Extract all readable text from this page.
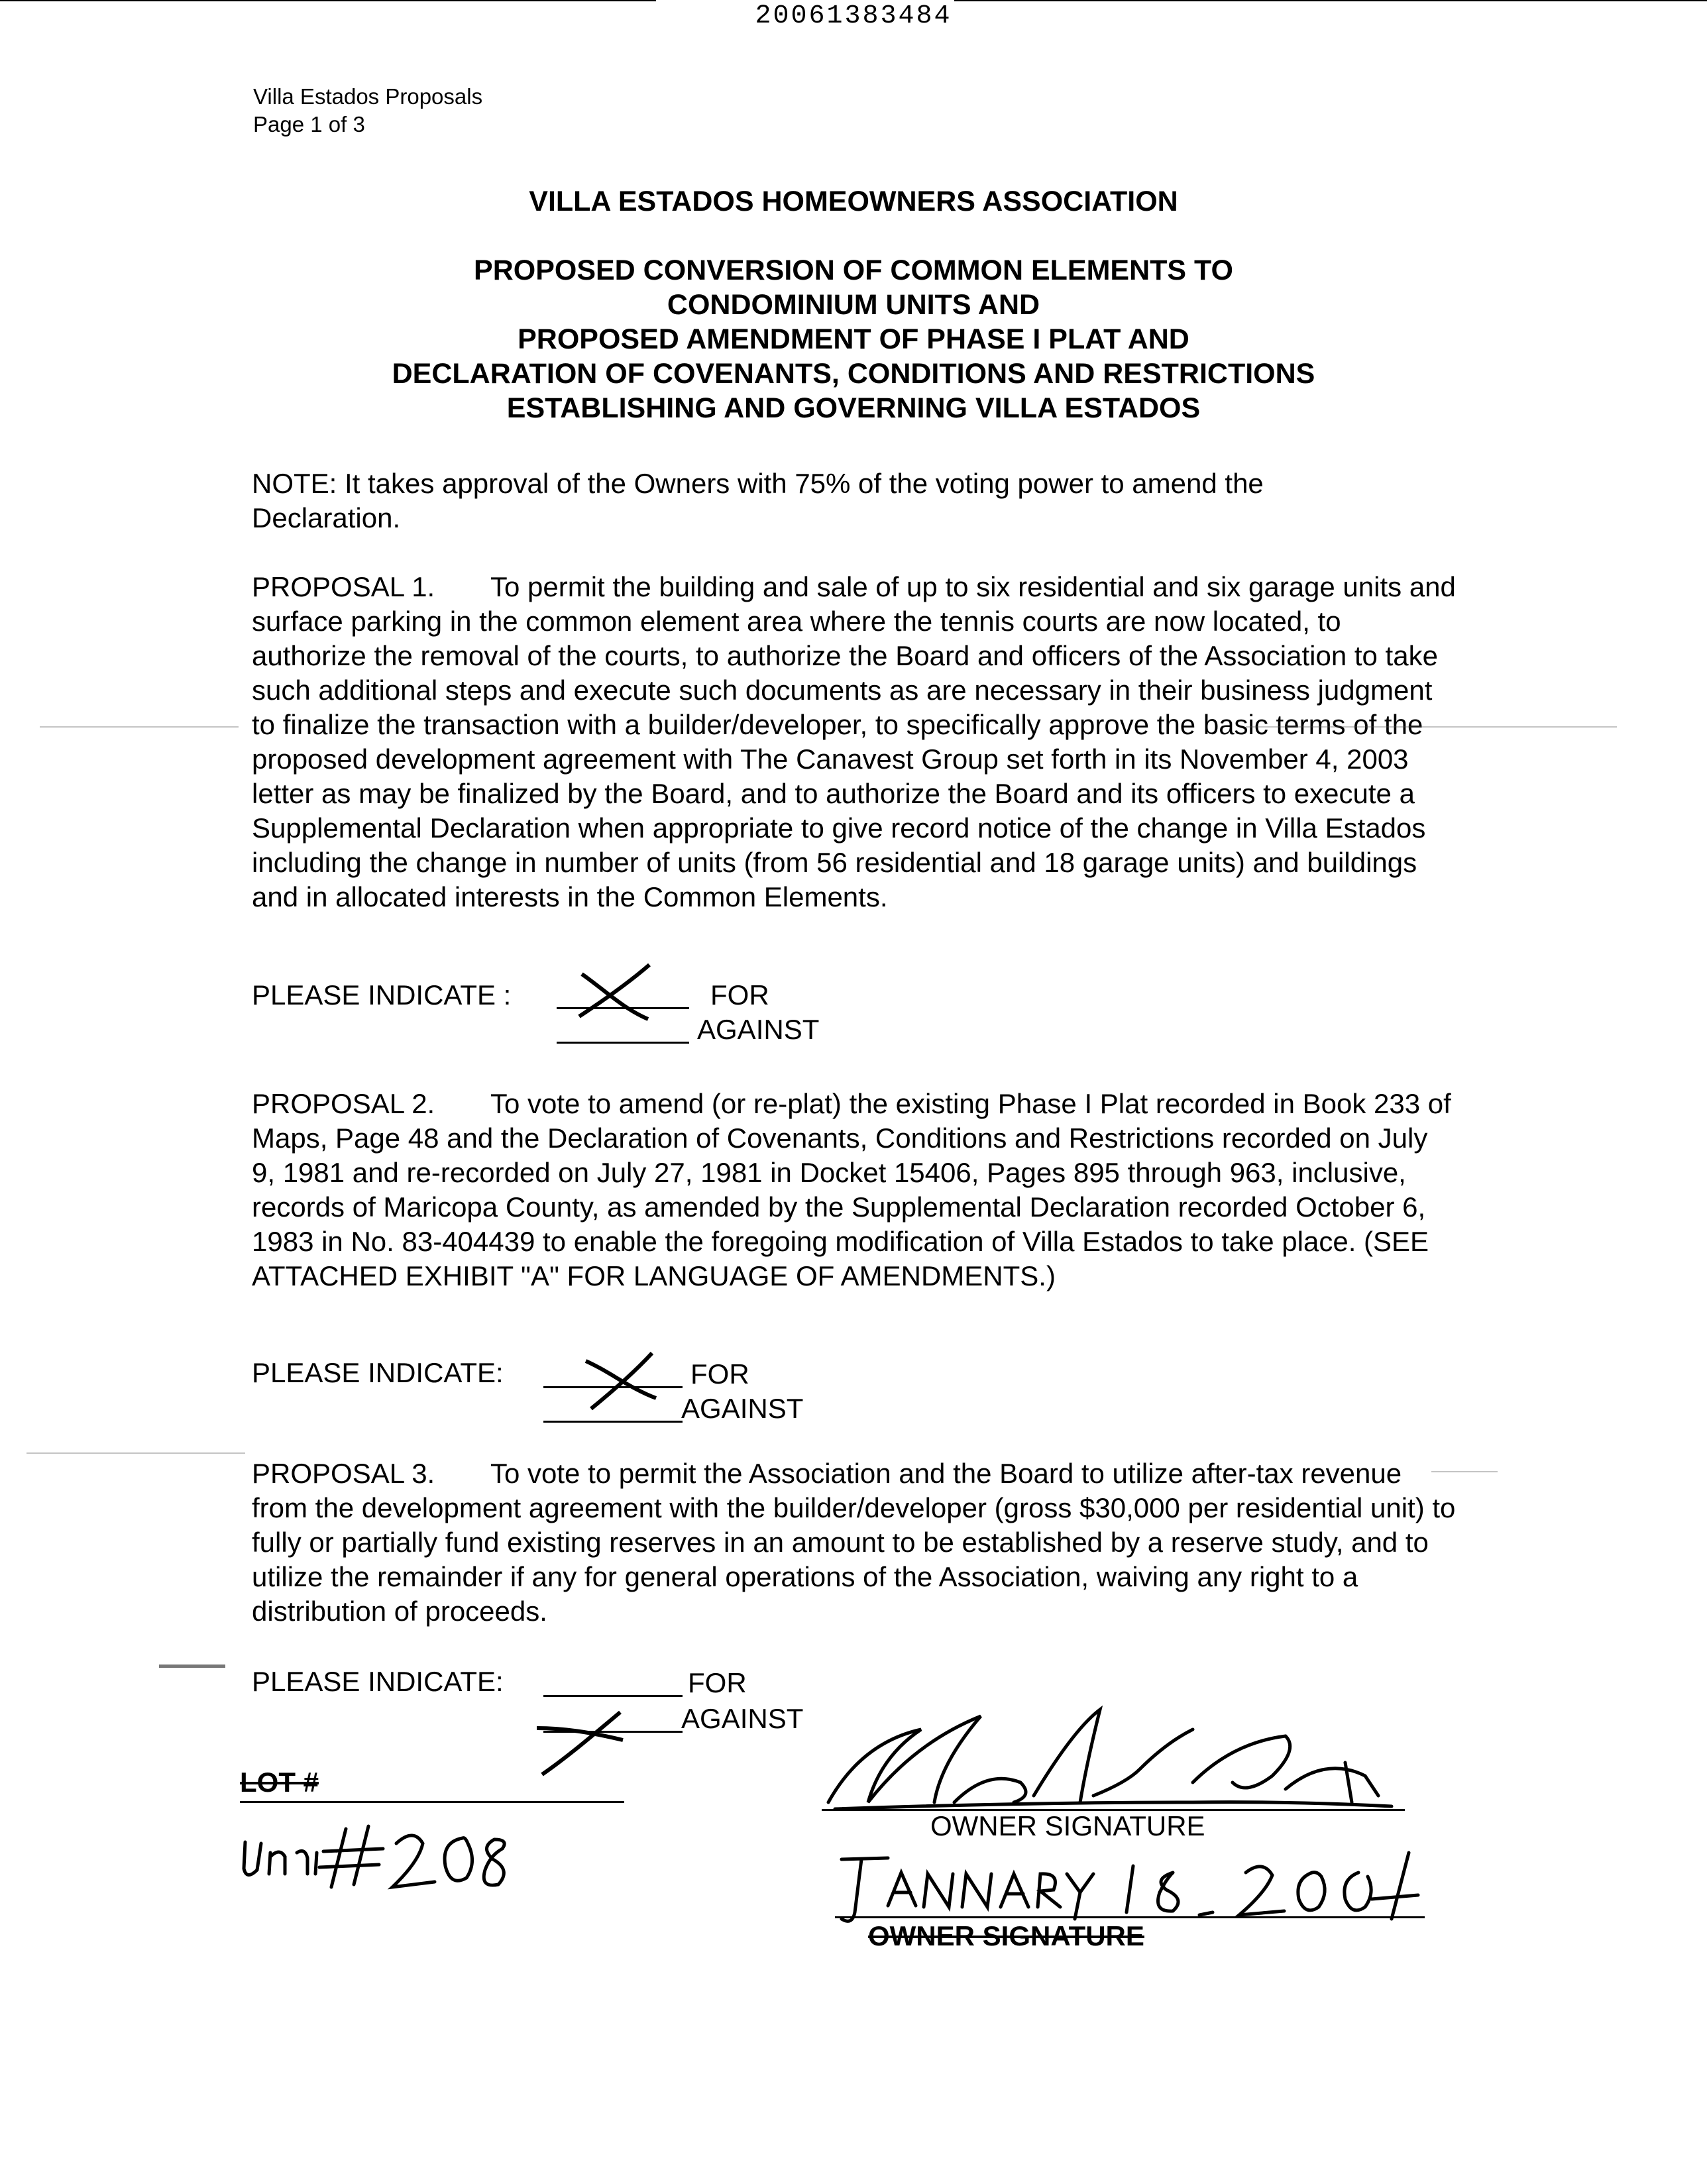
20061383484
Villa Estados Proposals
Page 1 of 3
VILLA ESTADOS HOMEOWNERS ASSOCIATION
PROPOSED CONVERSION OF COMMON ELEMENTS TO
CONDOMINIUM UNITS AND
PROPOSED AMENDMENT OF PHASE I PLAT AND
DECLARATION OF COVENANTS, CONDITIONS AND RESTRICTIONS
ESTABLISHING AND GOVERNING VILLA ESTADOS

NOTE: It takes approval of the Owners with 75% of the voting power to amend the Declaration.

PROPOSAL 1. To permit the building and sale of up to six residential and six garage units and surface parking in the common element area where the tennis courts are now located, to authorize the removal of the courts, to authorize the Board and officers of the Association to take such additional steps and execute such documents as are necessary in their business judgment to finalize the transaction with a builder/developer, to specifically approve the basic terms of the proposed development agreement with The Canavest Group set forth in its November 4, 2003 letter as may be finalized by the Board, and to authorize the Board and its officers to execute a Supplemental Declaration when appropriate to give record notice of the change in Villa Estados including the change in number of units (from 56 residential and 18 garage units) and buildings and in allocated interests in the Common Elements.

PLEASE INDICATE :	FOR
AGAINST

PROPOSAL 2. To vote to amend (or re-plat) the existing Phase I Plat recorded in Book 233 of Maps, Page 48 and the Declaration of Covenants, Conditions and Restrictions recorded on July 9, 1981 and re-recorded on July 27, 1981 in Docket 15406, Pages 895 through 963, inclusive, records of Maricopa County, as amended by the Supplemental Declaration recorded October 6, 1983 in No. 83-404439 to enable the foregoing modification of Villa Estados to take place. (SEE ATTACHED EXHIBIT "A" FOR LANGUAGE OF AMENDMENTS.)

PLEASE INDICATE:	FOR
AGAINST

PROPOSAL 3. To vote to permit the Association and the Board to utilize after-tax revenue from the development agreement with the builder/developer (gross $30,000 per residential unit) to fully or partially fund existing reserves in an amount to be established by a reserve study, and to utilize the remainder if any for general operations of the Association, waiving any right to a distribution of proceeds.

PLEASE INDICATE:	FOR
AGAINST
LOT #
OWNER SIGNATURE
OWNER SIGNATURE
